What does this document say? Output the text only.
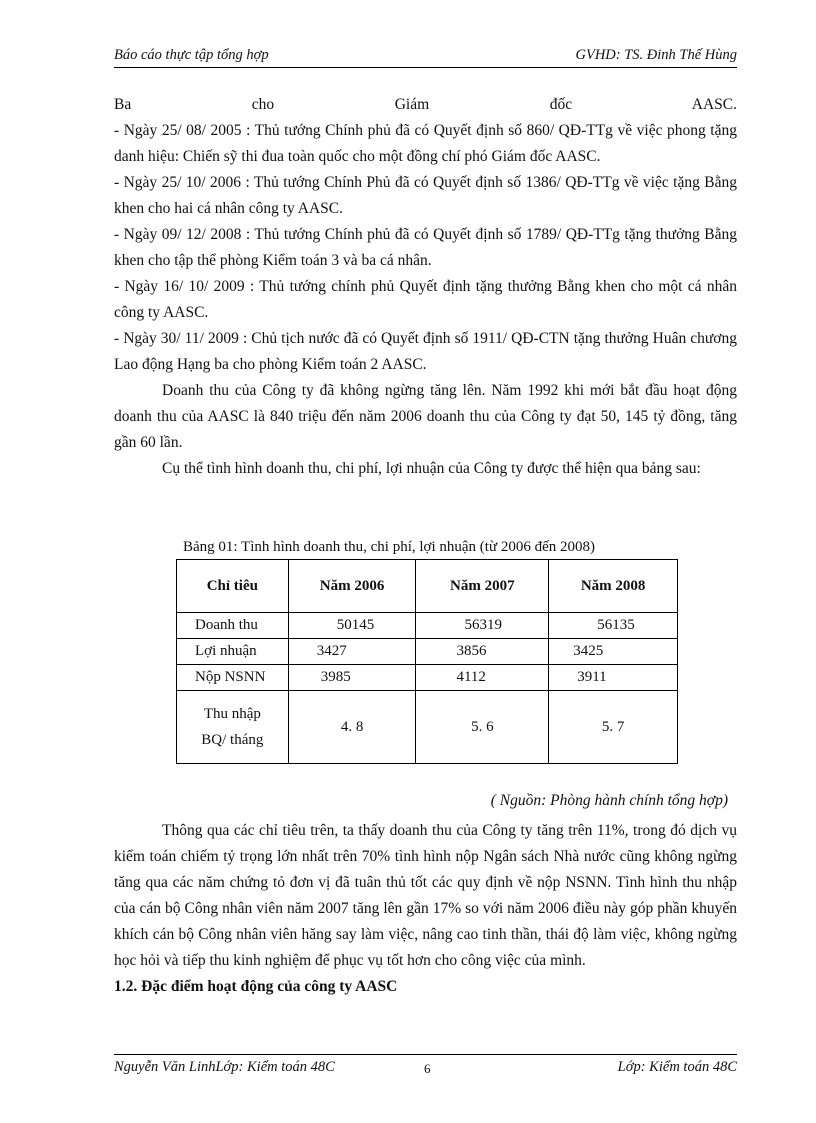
Báo cáo thực tập tổng hợp	GVHD: TS. Đinh Thế Hùng

Ba cho Giám đốc AASC.

- Ngày 25/ 08/ 2005 : Thủ tướng Chính phủ đã có Quyết định số 860/ QĐ-TTg về việc phong tặng danh hiệu: Chiến sỹ thi đua toàn quốc cho một đồng chí phó Giám đốc AASC.

- Ngày 25/ 10/ 2006 : Thủ tướng Chính Phủ đã có Quyết định số 1386/ QĐ-TTg về việc tặng Bằng khen cho hai cá nhân công ty AASC.

- Ngày 09/ 12/ 2008 : Thủ tướng Chính phủ đã có Quyết định số 1789/ QĐ-TTg tặng thưởng Bằng khen cho tập thể phòng Kiểm toán 3 và ba cá nhân.

- Ngày 16/ 10/ 2009 : Thủ tướng chính phủ Quyết định tặng thưởng Bằng khen cho một cá nhân công ty AASC.

- Ngày 30/ 11/ 2009 : Chủ tịch nước đã có Quyết định số 1911/ QĐ-CTN tặng thưởng Huân chương Lao động Hạng ba cho phòng Kiểm toán 2 AASC.

Doanh thu của Công ty đã không ngừng tăng lên. Năm 1992 khi mới bắt đầu hoạt động doanh thu của AASC là 840 triệu đến năm 2006 doanh thu của Công ty đạt 50, 145 tỷ đồng, tăng gần 60 lần.

Cụ thể tình hình doanh thu, chi phí, lợi nhuận của Công ty được thể hiện qua bảng sau:

Bảng 01: Tình hình doanh thu, chi phí, lợi nhuận (từ 2006 đến 2008)
Chỉ tiêu	Năm 2006	Năm 2007	Năm 2008
Doanh thu	50145	56319	56135
Lợi nhuận	3427	3856	3425
Nộp NSNN	3985	4112	3911

Thu nhập
BQ/ tháng	4. 8	5. 6	5. 7
( Nguồn: Phòng hành chính tổng hợp)

Thông qua các chỉ tiêu trên, ta thấy doanh thu của Công ty tăng trên 11%, trong đó dịch vụ kiểm toán chiếm tỷ trọng lớn nhất trên 70% tình hình nộp Ngân sách Nhà nước cũng không ngừng tăng qua các năm chứng tỏ đơn vị đã tuân thủ tốt các quy định về nộp NSNN. Tình hình thu nhập của cán bộ Công nhân viên năm 2007 tăng lên gần 17% so với năm 2006 điều này góp phần khuyến khích cán bộ Công nhân viên hăng say làm việc, nâng cao tinh thần, thái độ làm việc, không ngừng học hỏi và tiếp thu kinh nghiệm để phục vụ tốt hơn cho công việc của mình.

1.2. Đặc điểm hoạt động của công ty AASC

Nguyễn Văn LinhLớp: Kiểm toán 48C	6	Lớp: Kiểm toán 48C
